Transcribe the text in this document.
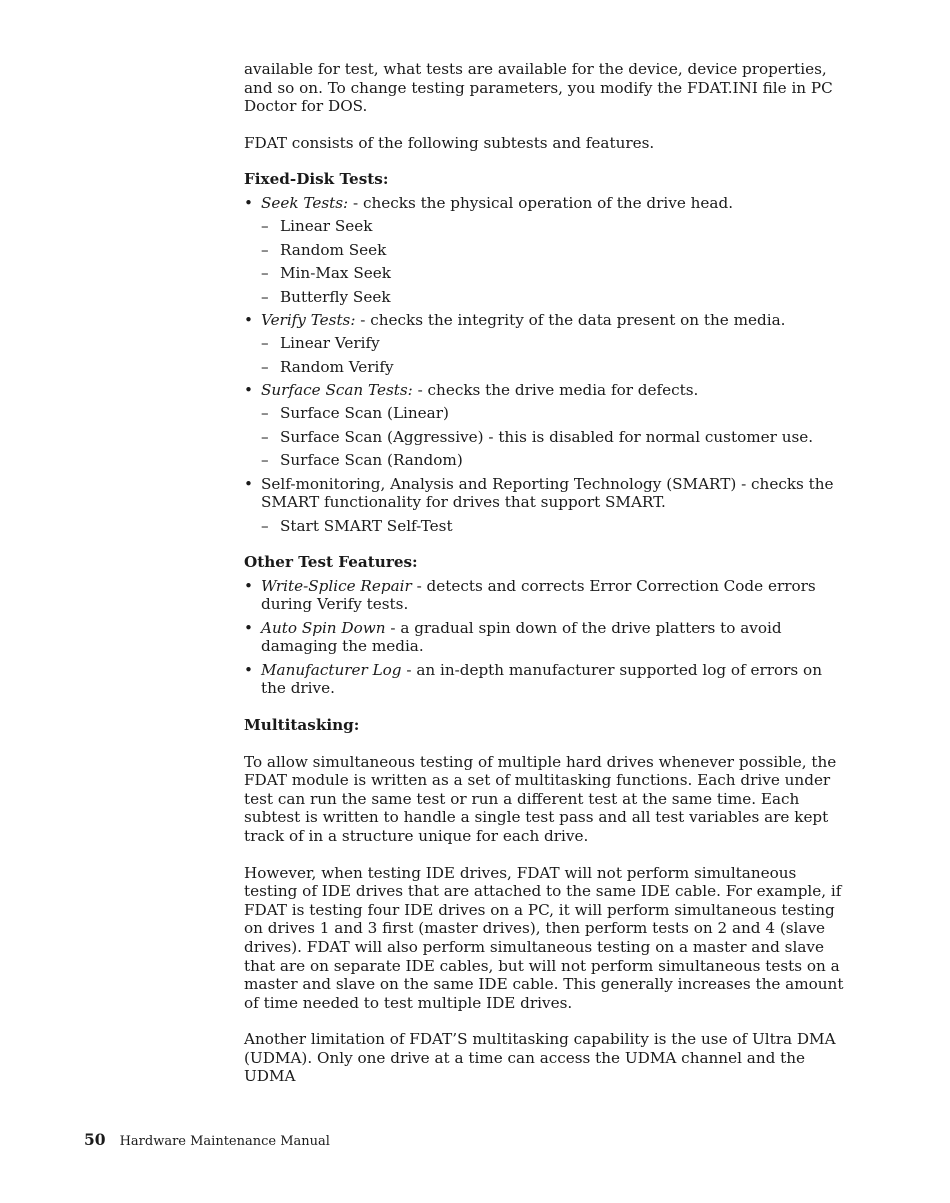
available for test, what tests are available for the device, device properties, and so on. To change testing parameters, you modify the FDAT.INI file in PC Doctor for DOS.

FDAT consists of the following subtests and features.

Fixed-Disk Tests:

• Seek Tests: - checks the physical operation of the drive head.
– Linear Seek
– Random Seek
– Min-Max Seek
– Butterfly Seek
• Verify Tests: - checks the integrity of the data present on the media.
– Linear Verify
– Random Verify
• Surface Scan Tests: - checks the drive media for defects.
– Surface Scan (Linear)
– Surface Scan (Aggressive) - this is disabled for normal customer use.
– Surface Scan (Random)
• Self-monitoring, Analysis and Reporting Technology (SMART) - checks the SMART functionality for drives that support SMART.
– Start SMART Self-Test

Other Test Features:

• Write-Splice Repair - detects and corrects Error Correction Code errors during Verify tests.
• Auto Spin Down - a gradual spin down of the drive platters to avoid damaging the media.
• Manufacturer Log - an in-depth manufacturer supported log of errors on the drive.

Multitasking:

To allow simultaneous testing of multiple hard drives whenever possible, the FDAT module is written as a set of multitasking functions. Each drive under test can run the same test or run a different test at the same time. Each subtest is written to handle a single test pass and all test variables are kept track of in a structure unique for each drive.

However, when testing IDE drives, FDAT will not perform simultaneous testing of IDE drives that are attached to the same IDE cable. For example, if FDAT is testing four IDE drives on a PC, it will perform simultaneous testing on drives 1 and 3 first (master drives), then perform tests on 2 and 4 (slave drives). FDAT will also perform simultaneous testing on a master and slave that are on separate IDE cables, but will not perform simultaneous tests on a master and slave on the same IDE cable. This generally increases the amount of time needed to test multiple IDE drives.

Another limitation of FDAT’S multitasking capability is the use of Ultra DMA (UDMA). Only one drive at a time can access the UDMA channel and the UDMA

50 Hardware Maintenance Manual
